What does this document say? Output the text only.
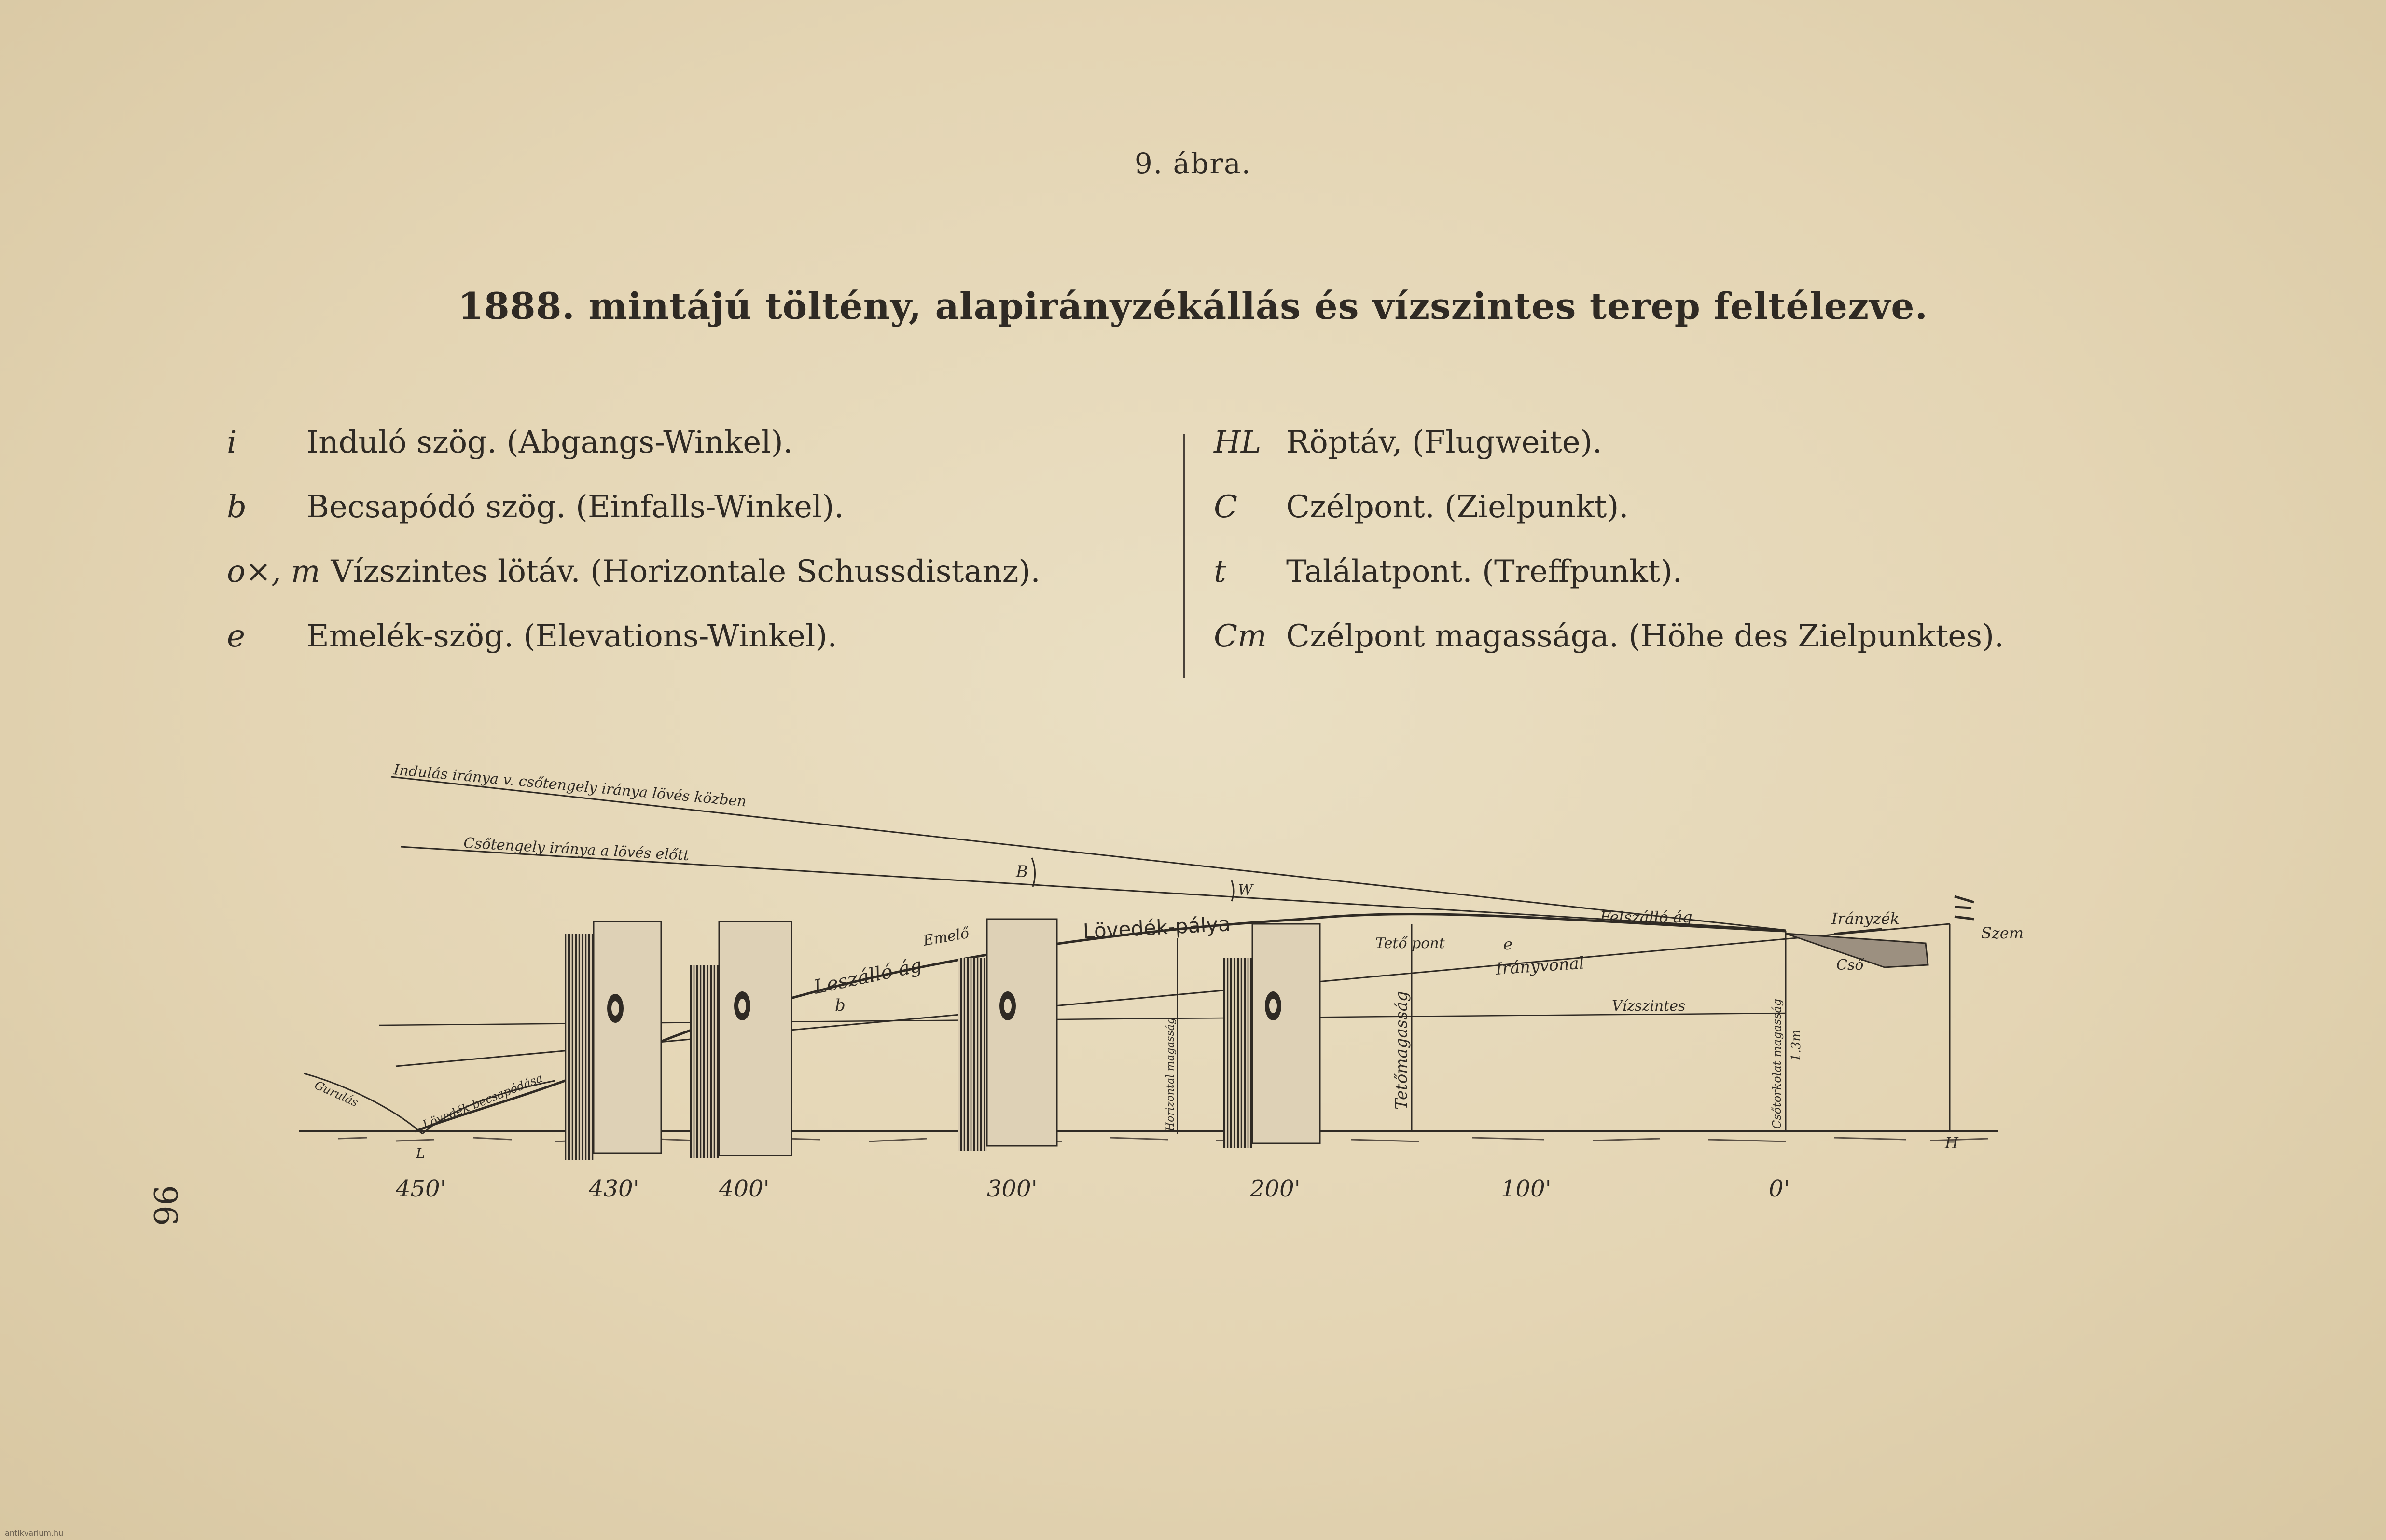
9. ábra.
1888. mintájú töltény, alapirányzékállás és vízszintes terep feltélezve.
i	Induló szög. (Abgangs-Winkel).
b	Becsapódó szög. (Einfalls-Winkel).
o×, m Vízszintes lötáv. (Horizontale Schussdistanz).
e	Emelék-szög. (Elevations-Winkel).
HL Röptáv, (Flugweite).
C	Czélpont. (Zielpunkt).
t	Találatpont. (Treffpunkt).
Cm Czélpont magassága. (Höhe des Zielpunktes).
Indulás iránya v. csőtengely iránya lövés közben
Csőtengely iránya a lövés előtt
B
W
Leszálló ág
Emelő	Lövedék-pálya	Felszálló ág
Tető pont
Irányvonal
Vízszintes
Lövedék becsapódása
Gurulás
b
e
L
H
Tetőmagasság
Horizontal magasság	Csőtorkolat magasság 1.3m
Irányzék
Cső
Szem
450'	430'	400'	300'	200'	100'	0'
96
antikvarium.hu
